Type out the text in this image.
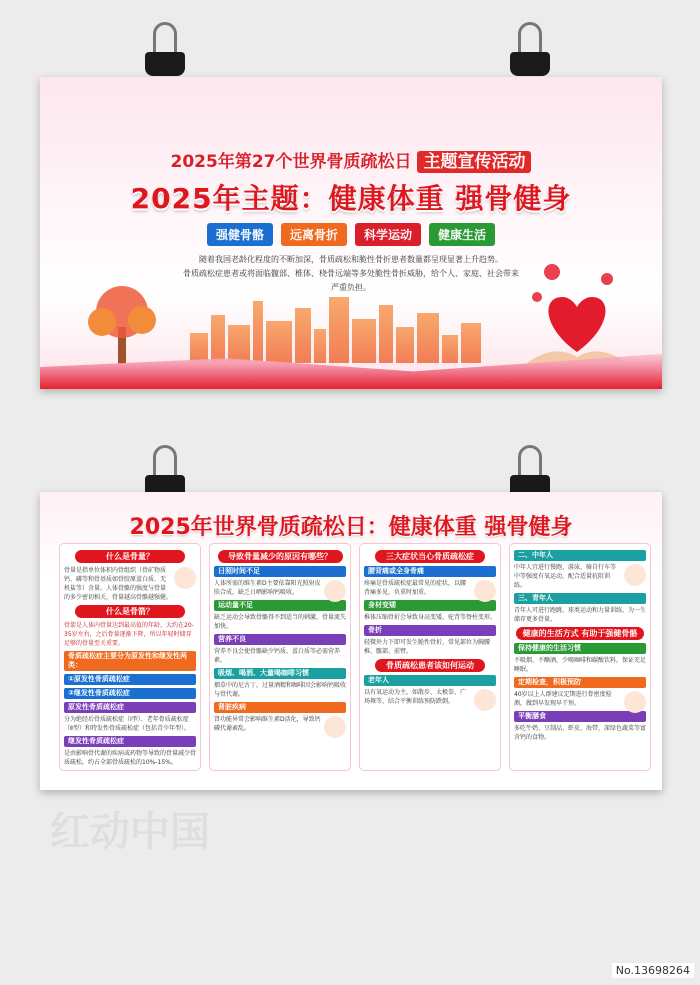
2025年第27个世界骨质疏松日 主题宣传活动
2025年主题：健康体重 强骨健身
强健骨骼 远离骨折 科学运动 健康生活
随着我国老龄化程度的不断加深，骨质疏松和脆性骨折患者数量都呈现显著上升趋势。
骨质疏松症患者或将面临髋部、椎体、桡骨远端等多处脆性骨折威胁，给个人、家庭、社会带来严重负担。
2025年世界骨质疏松日：健康体重 强骨健身
什么是骨量？
骨量是指单位体积内骨组织（骨矿物质钙、磷等和骨基质如骨胶原蛋白质、无机盐等）含量。人体骨骼的强度与骨量的多少密切相关，骨量越高骨骼越强健。
什么是骨箭？
骨箭是人体内骨量达到最高值的年龄，大约在20-35岁左右，之后骨量逐渐下降，所以年轻时储存足够的骨量至关重要。
骨质疏松症主要分为原发性和继发性两类：
①原发性骨质疏松症
②继发性骨质疏松症
原发性骨质疏松症
分为绝经后骨质疏松症（Ⅰ型）、老年骨质疏松症（Ⅱ型）和特发性骨质疏松症（包括青少年型）。
继发性骨质疏松症
是由影响骨代谢的疾病或药物等导致的骨量减少骨质疏松，约占全部骨质疏松的10%-15%。
导致骨量减少的原因有哪些？
日照时间不足
人体所需的维生素D主要依靠阳光照射皮肤合成，缺乏日晒影响钙吸收。
运动量不足
缺乏运动会导致骨骼得不到适当的刺激，骨量流失加快。
营养不良
营养不良会使骨骼缺少钙质、蛋白质等必需营养素。
吸烟、喝酒、大量喝咖啡习惯
烟草中的尼古丁，过量酒精和咖啡因会影响钙吸收与骨代谢。
肾脏疾病
肾功能异常会影响维生素D活化，导致钙磷代谢紊乱。
三大症状当心骨质疏松症
腰背痛或全身骨痛
疼痛是骨质疏松症最常见的症状，以腰背痛多见，负重时加重。
身材变矮
椎体压缩骨折会导致身高变矮、驼背等脊柱变形。
骨折
轻微外力下即可发生脆性骨折，常见部位为胸腰椎、髋部、前臂。
骨质疏松患者该如何运动
老年人
以有氧运动为主，如散步、太极拳、广场舞等，结合平衡训练预防跌倒。
二、中年人
中年人宜进行慢跑、游泳、骑自行车等中等强度有氧运动，配合适量抗阻训练。
三、青年人
青年人可进行跑跳、球类运动和力量训练，为一生储存更多骨量。
健康的生活方式 有助于强健骨骼
保持健康的生活习惯
不吸烟、不酗酒，少喝咖啡和碳酸饮料，保证充足睡眠。
定期检查，积极预防
40岁以上人群建议定期进行骨密度检测，做到早发现早干预。
平衡膳食
多吃牛奶、豆制品、虾皮、海带、深绿色蔬菜等富含钙的食物。
红动中国
No.13698264
